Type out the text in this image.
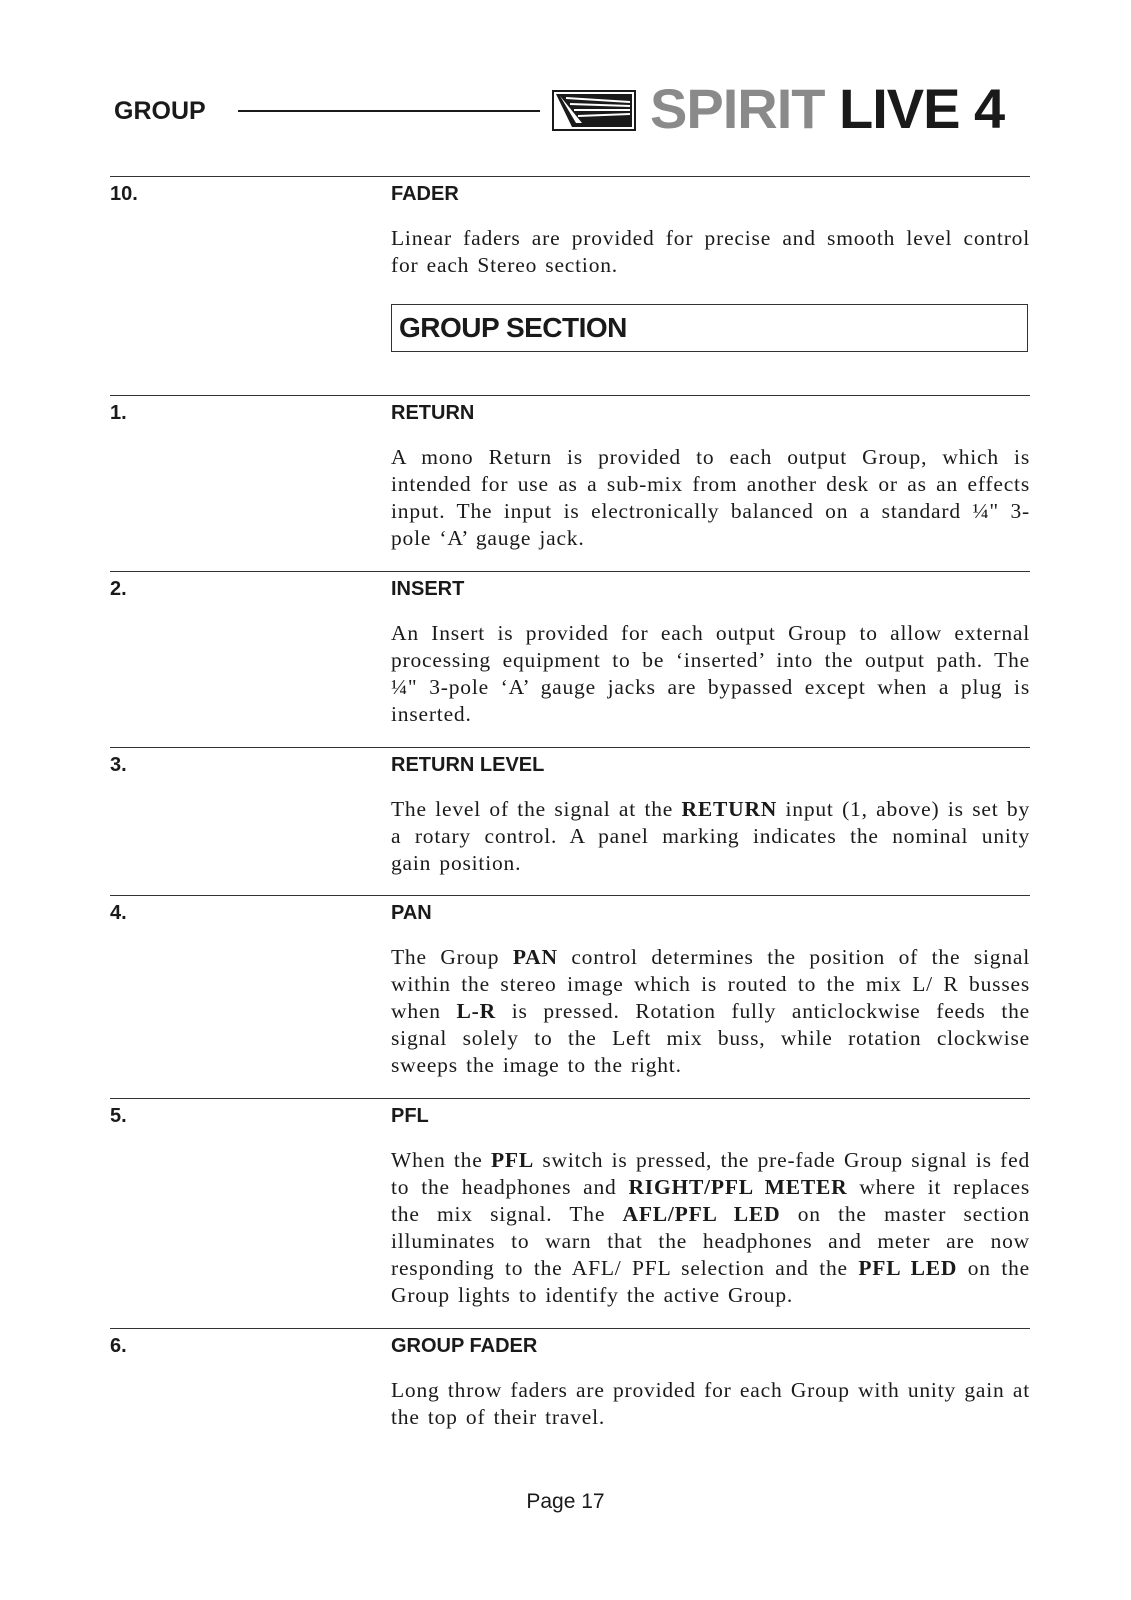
GROUP	SPIRIT LIVE 4
10.	FADER
Linear faders are provided for precise and smooth level control for each Stereo section.
GROUP SECTION
1.	RETURN
A mono Return is provided to each output Group, which is intended for use as a sub-mix from another desk or as an effects input. The input is electronically balanced on a standard ¼" 3-pole ‘A’ gauge jack.
2.	INSERT
An Insert is provided for each output Group to allow external processing equipment to be ‘inserted’ into the output path. The ¼" 3-pole ‘A’ gauge jacks are bypassed except when a plug is inserted.
3.	RETURN LEVEL
The level of the signal at the RETURN input (1, above) is set by a rotary control. A panel marking indicates the nominal unity gain position.
4.	PAN
The Group PAN control determines the position of the signal within the stereo image which is routed to the mix L/ R busses when L-R is pressed. Rotation fully anticlockwise feeds the signal solely to the Left mix buss, while rotation clockwise sweeps the image to the right.
5.	PFL
When the PFL switch is pressed, the pre-fade Group signal is fed to the headphones and RIGHT/PFL METER where it replaces the mix signal. The AFL/PFL LED on the master section illuminates to warn that the headphones and meter are now responding to the AFL/ PFL selection and the PFL LED on the Group lights to identify the active Group.
6.	GROUP FADER
Long throw faders are provided for each Group with unity gain at the top of their travel.
Page 17
